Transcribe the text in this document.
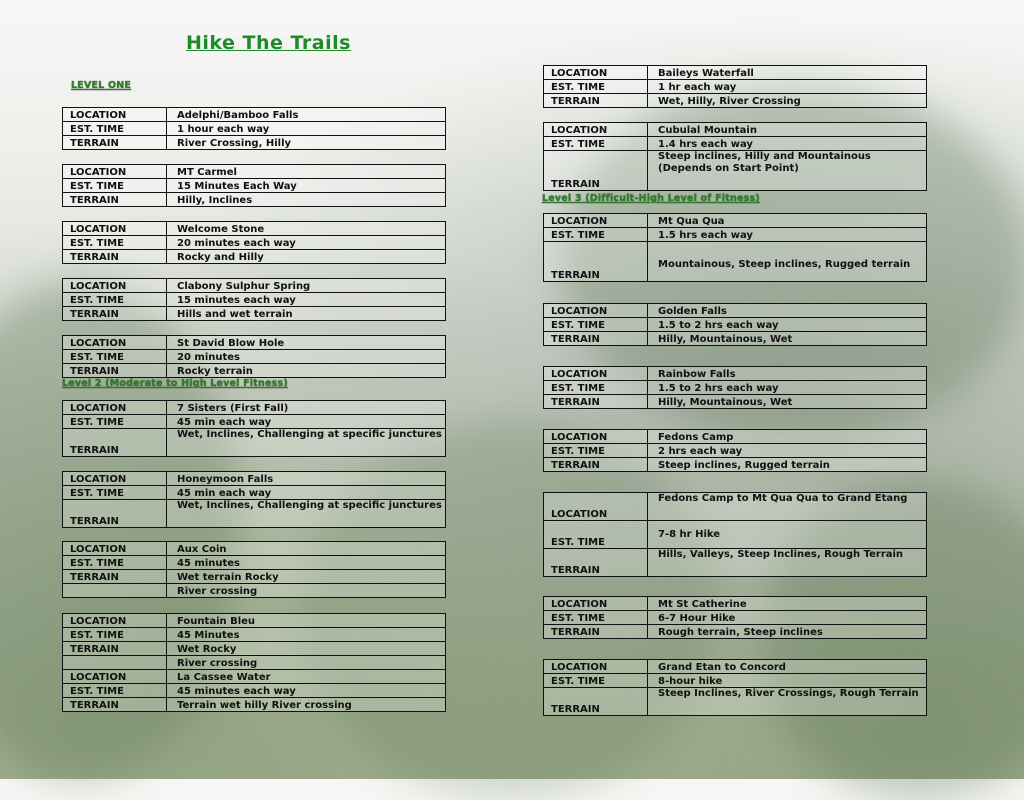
Hike The Trails
LEVEL ONE
Level 2 (Moderate to High Level Fitness)
Level 3 (Difficult-High Level of Fitness)
LOCATION	Adelphi/Bamboo Falls
EST. TIME	1 hour each way
TERRAIN	River Crossing, Hilly
LOCATION	MT Carmel
EST. TIME	15 Minutes Each Way
TERRAIN	Hilly, Inclines
LOCATION	Welcome Stone
EST. TIME	20 minutes each way
TERRAIN	Rocky and Hilly
LOCATION	Clabony Sulphur Spring
EST. TIME	15 minutes each way
TERRAIN	Hills and wet terrain
LOCATION	St David Blow Hole
EST. TIME	20 minutes
TERRAIN	Rocky terrain
LOCATION	7 Sisters (First Fall)
EST. TIME	45 min each way
TERRAIN	Wet, Inclines, Challenging at specific junctures
LOCATION	Honeymoon Falls
EST. TIME	45 min each way
TERRAIN	Wet, Inclines, Challenging at specific junctures
LOCATION	Aux Coin
EST. TIME	45 minutes
TERRAIN	Wet terrain Rocky
	River crossing
LOCATION	Fountain Bleu
EST. TIME	45 Minutes
TERRAIN	Wet Rocky
	River crossing
LOCATION	La Cassee Water
EST. TIME	45 minutes each way
TERRAIN	Terrain wet hilly River crossing
LOCATION	Baileys Waterfall
EST. TIME	1 hr each way
TERRAIN	Wet, Hilly, River Crossing
LOCATION	Cubulal Mountain
EST. TIME	1.4 hrs each way
TERRAIN	Steep inclines, Hilly and Mountainous (Depends on Start Point)
LOCATION	Mt Qua Qua
EST. TIME	1.5 hrs each way
TERRAIN	Mountainous, Steep inclines, Rugged terrain
LOCATION	Golden Falls
EST. TIME	1.5 to 2 hrs each way
TERRAIN	Hilly, Mountainous, Wet
LOCATION	Rainbow Falls
EST. TIME	1.5 to 2 hrs each way
TERRAIN	Hilly, Mountainous, Wet
LOCATION	Fedons Camp
EST. TIME	2 hrs each way
TERRAIN	Steep inclines, Rugged terrain
LOCATION	Fedons Camp to Mt Qua Qua to Grand Etang
EST. TIME	7-8 hr Hike
TERRAIN	Hills, Valleys, Steep Inclines, Rough Terrain
LOCATION	Mt St Catherine
EST. TIME	6-7 Hour Hike
TERRAIN	Rough terrain, Steep inclines
LOCATION	Grand Etan to Concord
EST. TIME	8-hour hike
TERRAIN	Steep Inclines, River Crossings, Rough Terrain
